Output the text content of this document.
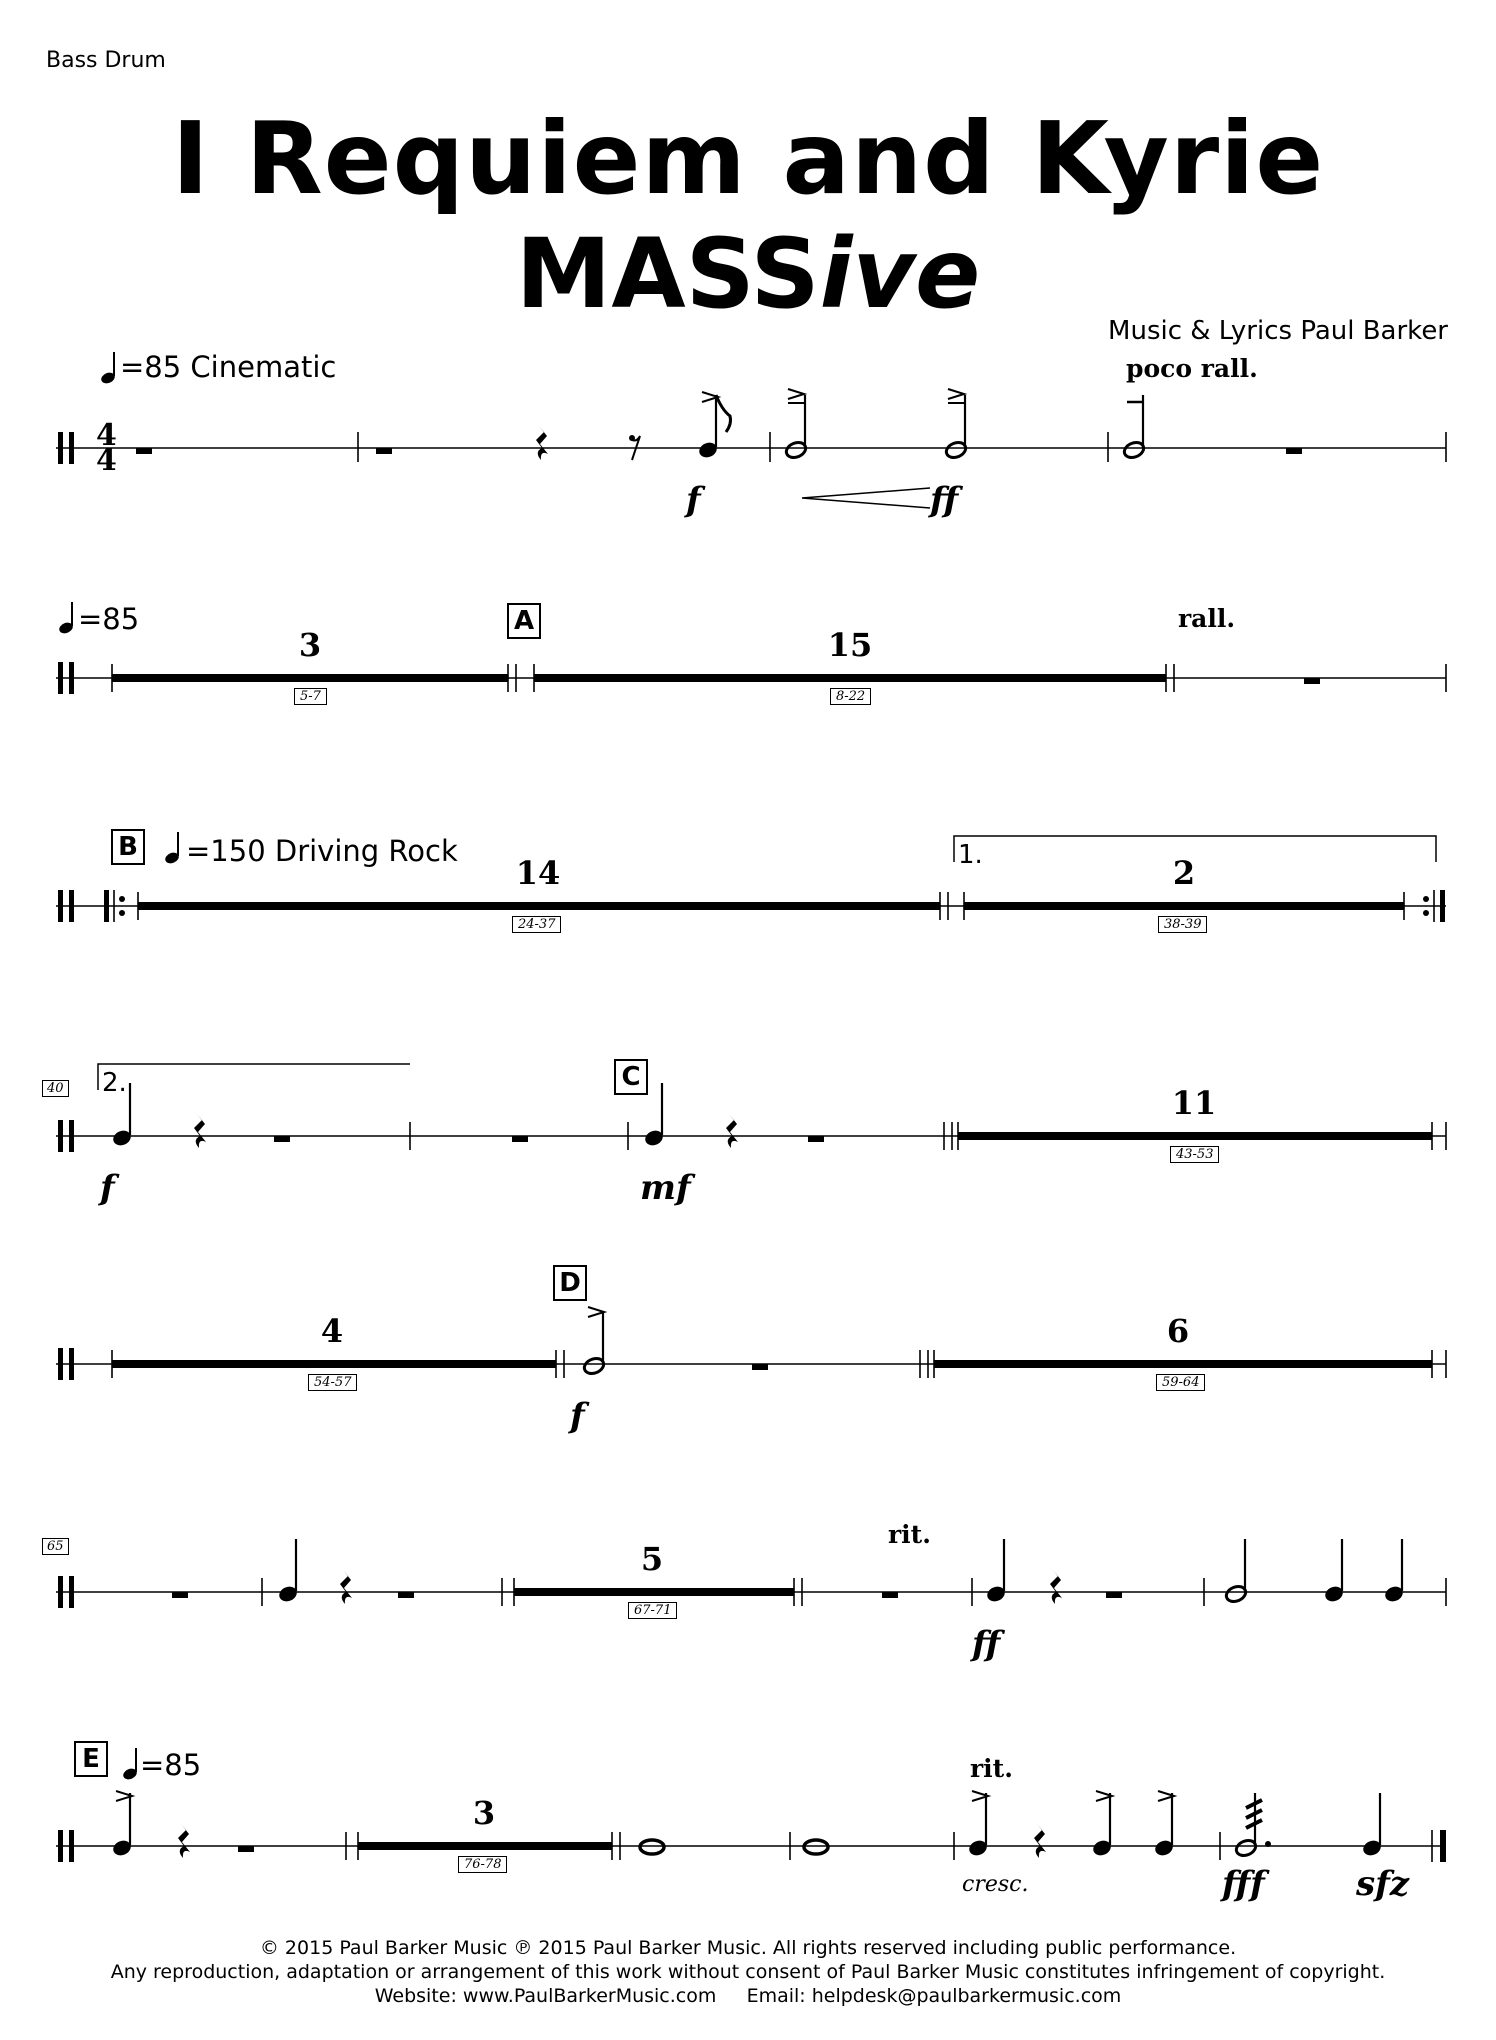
Bass Drum
I Requiem and Kyrie
MASSive
Music & Lyrics Paul Barker
4
4
=85 Cinematic	poco rall.
f	ff
=85	A	rall.
3
5-7
15
8-22
B =150 Driving Rock	1.
14
24-37
2
38-39
40 2.	C
f	mf
11
43-53
D
f
4
54-57
6
59-64
65	rit.
ff
5
67-71
E =85	rit.
cresc.	fff	sfz
3
76-78
© 2015 Paul Barker Music ℗ 2015 Paul Barker Music. All rights reserved including public performance.
Any reproduction, adaptation or arrangement of this work without consent of Paul Barker Music constitutes infringement of copyright.
Website: www.PaulBarkerMusic.com     Email: helpdesk@paulbarkermusic.com
